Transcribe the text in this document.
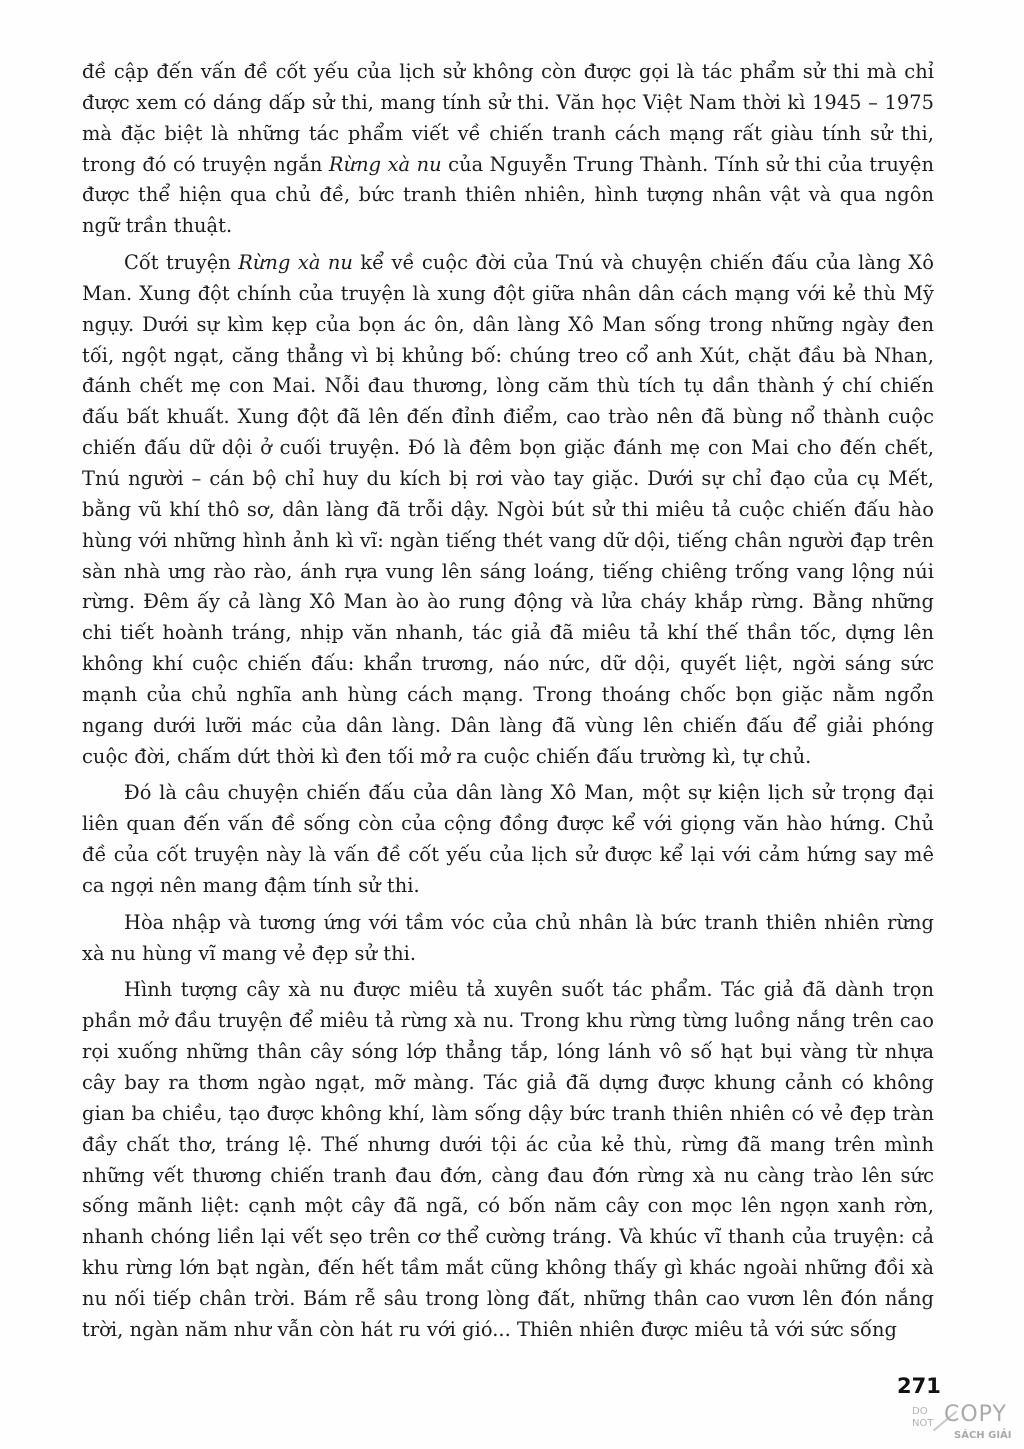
đề cập đến vấn đề cốt yếu của lịch sử không còn được gọi là tác phẩm sử thi mà chỉ được xem có dáng dấp sử thi, mang tính sử thi. Văn học Việt Nam thời kì 1945 – 1975 mà đặc biệt là những tác phẩm viết về chiến tranh cách mạng rất giàu tính sử thi, trong đó có truyện ngắn Rừng xà nu của Nguyễn Trung Thành. Tính sử thi của truyện được thể hiện qua chủ đề, bức tranh thiên nhiên, hình tượng nhân vật và qua ngôn ngữ trần thuật.

Cốt truyện Rừng xà nu kể về cuộc đời của Tnú và chuyện chiến đấu của làng Xô Man. Xung đột chính của truyện là xung đột giữa nhân dân cách mạng với kẻ thù Mỹ ngụy. Dưới sự kìm kẹp của bọn ác ôn, dân làng Xô Man sống trong những ngày đen tối, ngột ngạt, căng thẳng vì bị khủng bố: chúng treo cổ anh Xút, chặt đầu bà Nhan, đánh chết mẹ con Mai. Nỗi đau thương, lòng căm thù tích tụ dần thành ý chí chiến đấu bất khuất. Xung đột đã lên đến đỉnh điểm, cao trào nên đã bùng nổ thành cuộc chiến đấu dữ dội ở cuối truyện. Đó là đêm bọn giặc đánh mẹ con Mai cho đến chết, Tnú người – cán bộ chỉ huy du kích bị rơi vào tay giặc. Dưới sự chỉ đạo của cụ Mết, bằng vũ khí thô sơ, dân làng đã trỗi dậy. Ngòi bút sử thi miêu tả cuộc chiến đấu hào hùng với những hình ảnh kì vĩ: ngàn tiếng thét vang dữ dội, tiếng chân người đạp trên sàn nhà ưng rào rào, ánh rựa vung lên sáng loáng, tiếng chiêng trống vang lộng núi rừng. Đêm ấy cả làng Xô Man ào ào rung động và lửa cháy khắp rừng. Bằng những chi tiết hoành tráng, nhịp văn nhanh, tác giả đã miêu tả khí thế thần tốc, dựng lên không khí cuộc chiến đấu: khẩn trương, náo nức, dữ dội, quyết liệt, ngời sáng sức mạnh của chủ nghĩa anh hùng cách mạng. Trong thoáng chốc bọn giặc nằm ngổn ngang dưới lưỡi mác của dân làng. Dân làng đã vùng lên chiến đấu để giải phóng cuộc đời, chấm dứt thời kì đen tối mở ra cuộc chiến đấu trường kì, tự chủ.

Đó là câu chuyện chiến đấu của dân làng Xô Man, một sự kiện lịch sử trọng đại liên quan đến vấn đề sống còn của cộng đồng được kể với giọng văn hào hứng. Chủ đề của cốt truyện này là vấn đề cốt yếu của lịch sử được kể lại với cảm hứng say mê ca ngợi nên mang đậm tính sử thi.

Hòa nhập và tương ứng với tầm vóc của chủ nhân là bức tranh thiên nhiên rừng xà nu hùng vĩ mang vẻ đẹp sử thi.

Hình tượng cây xà nu được miêu tả xuyên suốt tác phẩm. Tác giả đã dành trọn phần mở đầu truyện để miêu tả rừng xà nu. Trong khu rừng từng luồng nắng trên cao rọi xuống những thân cây sóng lớp thẳng tắp, lóng lánh vô số hạt bụi vàng từ nhựa cây bay ra thơm ngào ngạt, mỡ màng. Tác giả đã dựng được khung cảnh có không gian ba chiều, tạo được không khí, làm sống dậy bức tranh thiên nhiên có vẻ đẹp tràn đầy chất thơ, tráng lệ. Thế nhưng dưới tội ác của kẻ thù, rừng đã mang trên mình những vết thương chiến tranh đau đớn, càng đau đớn rừng xà nu càng trào lên sức sống mãnh liệt: cạnh một cây đã ngã, có bốn năm cây con mọc lên ngọn xanh rờn, nhanh chóng liền lại vết sẹo trên cơ thể cường tráng. Và khúc vĩ thanh của truyện: cả khu rừng lớn bạt ngàn, đến hết tầm mắt cũng không thấy gì khác ngoài những đồi xà nu nối tiếp chân trời. Bám rễ sâu trong lòng đất, những thân cao vươn lên đón nắng trời, ngàn năm như vẫn còn hát ru với gió... Thiên nhiên được miêu tả với sức sống

271
DO
NOT COPY
SÁCH GIẢI
